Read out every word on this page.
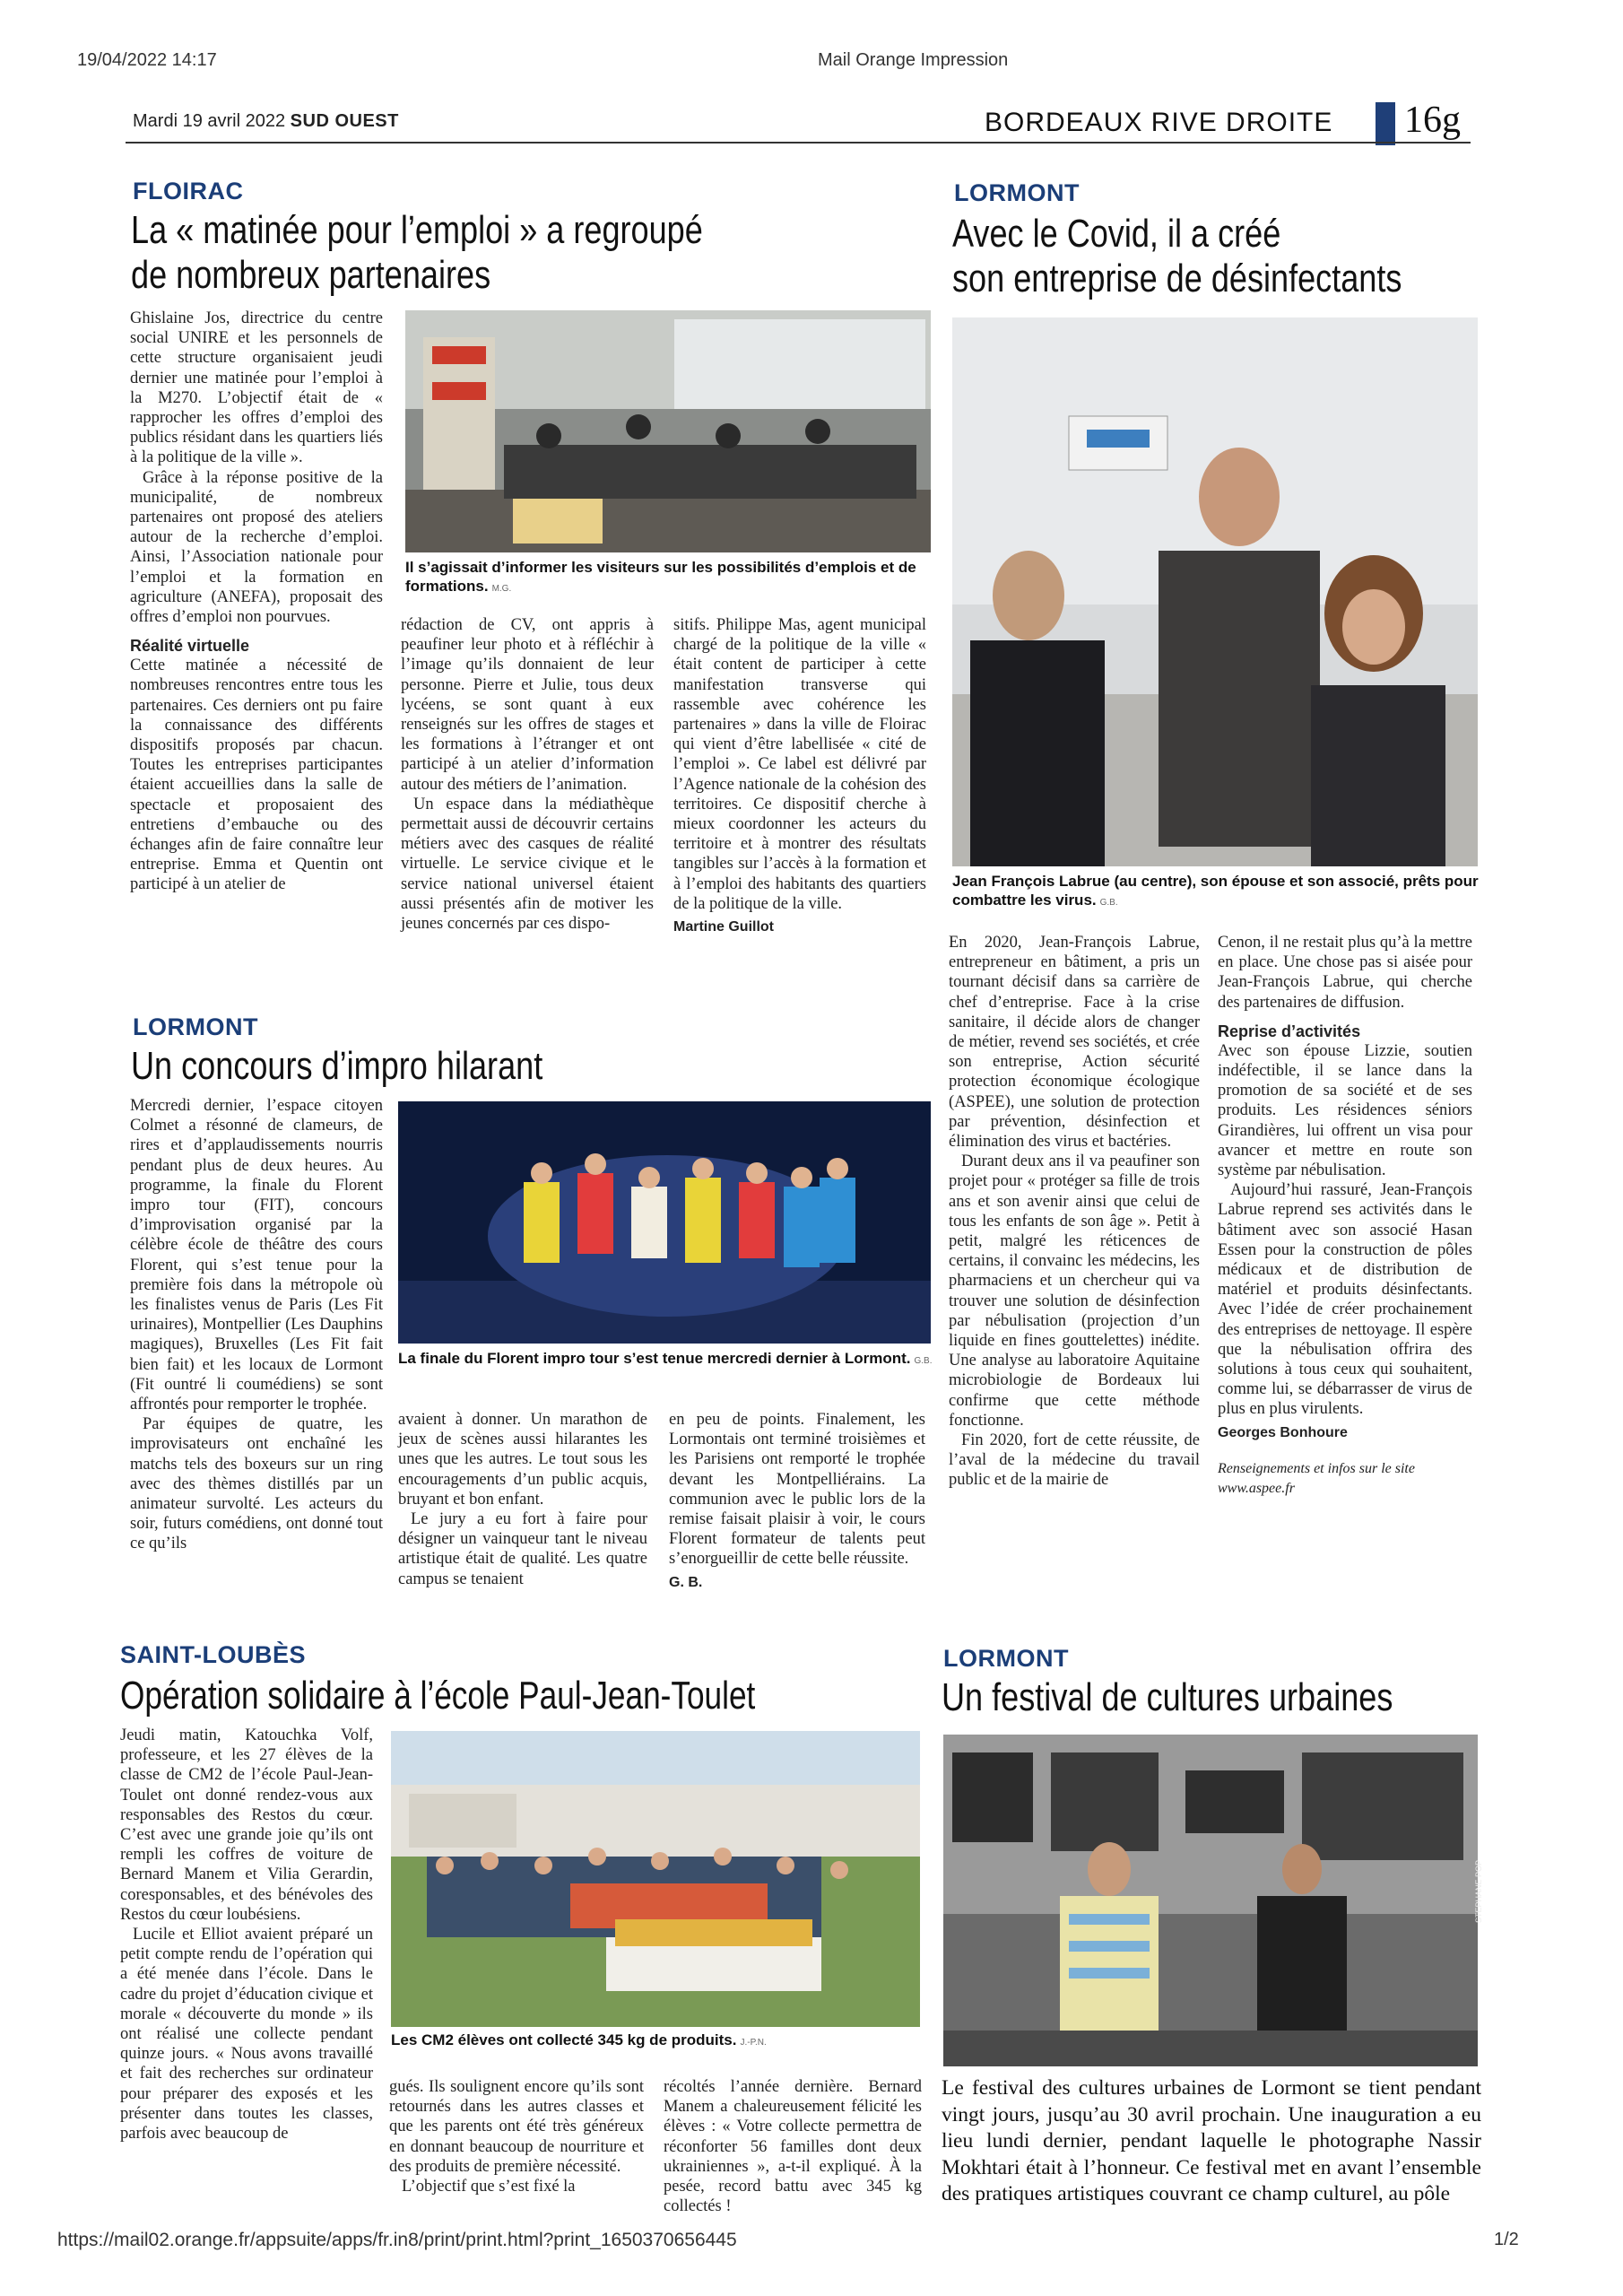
19/04/2022 14:17	Mail Orange Impression
https://mail02.orange.fr/appsuite/apps/fr.in8/print/print.html?print_1650370656445	1/2
Mardi 19 avril 2022 SUD OUEST	BORDEAUX RIVE DROITE 16g
FLOIRAC
La « matinée pour l’emploi » a regroupé
de nombreux partenaires

Ghislaine Jos, directrice du centre social UNIRE et les personnels de cette structure organisaient jeudi dernier une matinée pour l’emploi à la M270. L’objectif était de « rapprocher les offres d’emploi des publics résidant dans les quartiers liés à la politique de la ville ».

Grâce à la réponse positive de la municipalité, de nombreux partenaires ont proposé des ateliers autour de la recherche d’emploi. Ainsi, l’Association nationale pour l’emploi et la formation en agriculture (ANEFA), proposait des offres d’emploi non pourvues.

Réalité virtuelle

Cette matinée a nécessité de nombreuses rencontres entre tous les partenaires. Ces derniers ont pu faire la connaissance des différents dispositifs proposés par chacun. Toutes les entreprises participantes étaient accueillies dans la salle de spectacle et proposaient des entretiens d’embauche ou des échanges afin de faire connaître leur entreprise. Emma et Quentin ont participé à un atelier de

Il s’agissait d’informer les visiteurs sur les possibilités d’emplois et de formations. M.G.

rédaction de CV, ont appris à peaufiner leur photo et à réfléchir à l’image qu’ils donnaient de leur personne. Pierre et Julie, tous deux lycéens, se sont quant à eux renseignés sur les offres de stages et les formations à l’étranger et ont participé à un atelier d’information autour des métiers de l’animation.

Un espace dans la médiathèque permettait aussi de découvrir certains métiers avec des casques de réalité virtuelle. Le service civique et le service national universel étaient aussi présentés afin de motiver les jeunes concernés par ces dispo-

sitifs. Philippe Mas, agent municipal chargé de la politique de la ville « était content de participer à cette manifestation transverse qui rassemble avec cohérence les partenaires » dans la ville de Floirac qui vient d’être labellisée « cité de l’emploi ». Ce label est délivré par l’Agence nationale de la cohésion des territoires. Ce dispositif cherche à mieux coordonner les acteurs du territoire et à montrer des résultats tangibles sur l’accès à la formation et à l’emploi des habitants des quartiers de la politique de la ville.

Martine Guillot

LORMONT
Avec le Covid, il a créé
son entreprise de désinfectants
Jean François Labrue (au centre), son épouse et son associé, prêts pour combattre les virus. G.B.

En 2020, Jean-François Labrue, entrepreneur en bâtiment, a pris un tournant décisif dans sa carrière de chef d’entreprise. Face à la crise sanitaire, il décide alors de changer de métier, revend ses sociétés, et crée son entreprise, Action sécurité protection économique écologique (ASPEE), une solution de protection par prévention, désinfection et élimination des virus et bactéries.

Durant deux ans il va peaufiner son projet pour « protéger sa fille de trois ans et son avenir ainsi que celui de tous les enfants de son âge ». Petit à petit, malgré les réticences de certains, il convainc les médecins, les pharmaciens et un chercheur qui va trouver une solution de désinfection par nébulisation (projection d’un liquide en fines gouttelettes) inédite. Une analyse au laboratoire Aquitaine microbiologie de Bordeaux lui confirme que cette méthode fonctionne.

Fin 2020, fort de cette réussite, de l’aval de la médecine du travail public et de la mairie de

Cenon, il ne restait plus qu’à la mettre en place. Une chose pas si aisée pour Jean-François Labrue, qui cherche des partenaires de diffusion.

Reprise d’activités

Avec son épouse Lizzie, soutien indéfectible, il se lance dans la promotion de sa société et de ses produits. Les résidences séniors Girandières, lui offrent un visa pour avancer et mettre en route son système par nébulisation.

Aujourd’hui rassuré, Jean-François Labrue reprend ses activités dans le bâtiment avec son associé Hasan Essen pour la construction de pôles médicaux et de distribution de matériel et produits désinfectants. Avec l’idée de créer prochainement des entreprises de nettoyage. Il espère que la nébulisation offrira des solutions à tous ceux qui souhaitent, comme lui, se débarrasser de virus de plus en plus virulents.

Georges Bonhoure

Renseignements et infos sur le site

www.aspee.fr

LORMONT
Un concours d’impro hilarant

Mercredi dernier, l’espace citoyen Colmet a résonné de clameurs, de rires et d’applaudissements nourris pendant plus de deux heures. Au programme, la finale du Florent impro tour (FIT), concours d’improvisation organisé par la célèbre école de théâtre des cours Florent, qui s’est tenue pour la première fois dans la métropole où les finalistes venus de Paris (Les Fit urinaires), Montpellier (Les Dauphins magiques), Bruxelles (Les Fit fait bien fait) et les locaux de Lormont (Fit ountré li coumédiens) se sont affrontés pour remporter le trophée.

Par équipes de quatre, les improvisateurs ont enchaîné les matchs tels des boxeurs sur un ring avec des thèmes distillés par un animateur survolté. Les acteurs du soir, futurs comédiens, ont donné tout ce qu’ils

La finale du Florent impro tour s’est tenue mercredi dernier à Lormont. G.B.

avaient à donner. Un marathon de jeux de scènes aussi hilarantes les unes que les autres. Le tout sous les encouragements d’un public acquis, bruyant et bon enfant.

Le jury a eu fort à faire pour désigner un vainqueur tant le niveau artistique était de qualité. Les quatre campus se tenaient

en peu de points. Finalement, les Lormontais ont terminé troisièmes et les Parisiens ont remporté le trophée devant les Montpelliérains. La communion avec le public lors de la remise faisait plaisir à voir, le cours Florent formateur de talents peut s’enorgueillir de cette belle réussite.

G. B.

SAINT-LOUBÈS
Opération solidaire à l’école Paul-Jean-Toulet

Jeudi matin, Katouchka Volf, professeure, et les 27 élèves de la classe de CM2 de l’école Paul-Jean-Toulet ont donné rendez-vous aux responsables des Restos du cœur. C’est avec une grande joie qu’ils ont rempli les coffres de voiture de Bernard Manem et Vilia Gerardin, coresponsables, et des bénévoles des Restos du cœur loubésiens.

Lucile et Elliot avaient préparé un petit compte rendu de l’opération qui a été menée dans l’école. Dans le cadre du projet d’éducation civique et morale « découverte du monde » ils ont réalisé une collecte pendant quinze jours. « Nous avons travaillé et fait des recherches sur ordinateur pour préparer des exposés et les présenter dans toutes les classes, parfois avec beaucoup de

Les CM2 élèves ont collecté 345 kg de produits. J.-P.N.

gués. Ils soulignent encore qu’ils sont retournés dans les autres classes et que les parents ont été très généreux en donnant beaucoup de nourriture et des produits de première nécessité.

L’objectif que s’est fixé la

récoltés l’année dernière. Bernard Manem a chaleureusement félicité les élèves : « Votre collecte permettra de réconforter 56 familles dont deux ukrainiennes », a-t-il expliqué. À la pesée, record battu avec 345 kg collectés !

LORMONT
Un festival de cultures urbaines
STEPHANE POP
Le festival des cultures urbaines de Lormont se tient pendant vingt jours, jusqu’au 30 avril prochain. Une inauguration a eu lieu lundi dernier, pendant laquelle le photographe Nassir Mokhtari était à l’honneur. Ce festival met en avant l’ensemble des pratiques artistiques couvrant ce champ culturel, au pôle
